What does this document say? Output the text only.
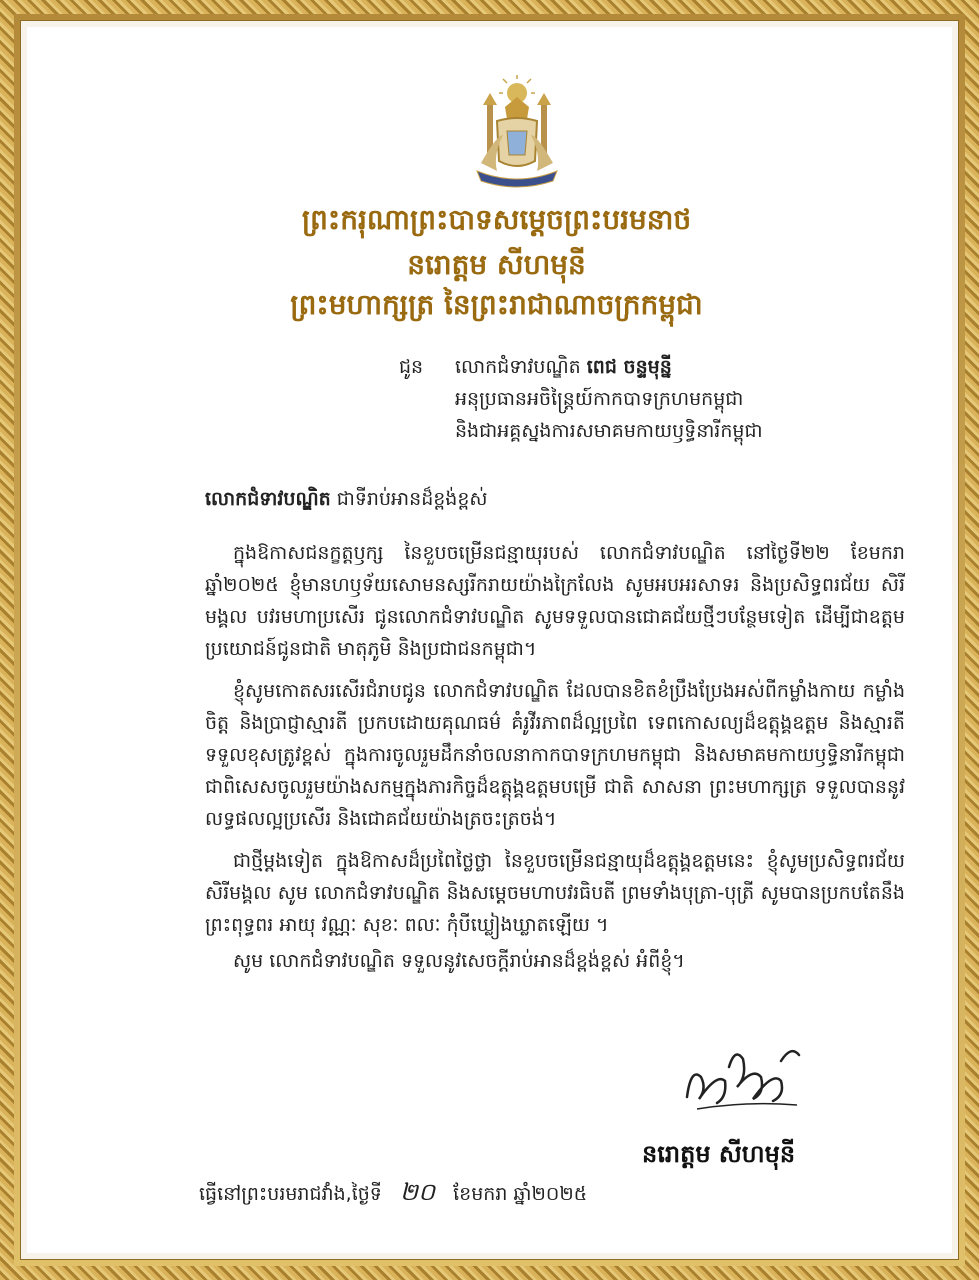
ព្រះករុណាព្រះបាទសម្តេចព្រះបរមនាថ
នរោត្តម សីហមុនី
ព្រះមហាក្សត្រ នៃព្រះរាជាណាចក្រកម្ពុជា
ជូន លោកជំទាវបណ្ឌិត ពេជ ចន្ទមុន្នី
អនុប្រធានអចិន្ត្រៃយ៍កាកបាទក្រហមកម្ពុជា
និងជាអគ្គស្នងការសមាគមកាយឫទ្ធិនារីកម្ពុជា
លោកជំទាវបណ្ឌិត ជាទីរាប់អានដ៏ខ្ពង់ខ្ពស់
ក្នុងឱកាសជនក្ខត្តឫក្ស នៃខួបចម្រើនជន្មាយុរបស់ លោកជំទាវបណ្ឌិត នៅថ្ងៃទី២២ ខែមករា ឆ្នាំ២០២៥ ខ្ញុំមានហឫទ័យសោមនស្សរីករាយយ៉ាងក្រៃលែង សូមអបអរសាទរ និងប្រសិទ្ធពរជ័យ សិរីមង្គល បវរមហាប្រសើរ ជូនលោកជំទាវបណ្ឌិត សូមទទួលបានជោគជ័យថ្មីៗបន្ថែមទៀត ដើម្បីជាឧត្តមប្រយោជន៍ជូនជាតិ មាតុភូមិ និងប្រជាជនកម្ពុជា។
ខ្ញុំសូមកោតសរសើរជំរាបជូន លោកជំទាវបណ្ឌិត ដែលបានខិតខំប្រឹងប្រែងអស់ពីកម្លាំងកាយ កម្លាំងចិត្ត និងប្រាជ្ញាស្មារតី ប្រកបដោយគុណធម៌ គំរូវីរភាពដ៏ល្អប្រពៃ ទេពកោសល្យដ៏ឧត្តុង្គឧត្តម និងស្មារតីទទួលខុសត្រូវខ្ពស់ ក្នុងការចូលរួមដឹកនាំចលនាកាកបាទក្រហមកម្ពុជា និងសមាគមកាយឫទ្ធិនារីកម្ពុជា ជាពិសេសចូលរួមយ៉ាងសកម្មក្នុងភារកិច្ចដ៏ឧត្តុង្គឧត្តមបម្រើ ជាតិ សាសនា ព្រះមហាក្សត្រ ទទួលបាននូវលទ្ធផលល្អប្រសើរ និងជោគជ័យយ៉ាងត្រចះត្រចង់។
ជាថ្មីម្តងទៀត ក្នុងឱកាសដ៏ប្រពៃថ្លៃថ្លា នៃខួបចម្រើនជន្មាយុដ៏ឧត្តុង្គឧត្តមនេះ ខ្ញុំសូមប្រសិទ្ធពរជ័យ សិរីមង្គល សូម លោកជំទាវបណ្ឌិត និងសម្តេចមហាបវរធិបតី ព្រមទាំងបុត្រា-បុត្រី សូមបានប្រកបតែនឹងព្រះពុទ្ធពរ អាយុ វណ្ណៈ សុខៈ ពលៈ កុំបីឃ្លៀងឃ្លាតឡើយ ។
សូម លោកជំទាវបណ្ឌិត ទទួលនូវសេចក្តីរាប់អានដ៏ខ្ពង់ខ្ពស់ អំពីខ្ញុំ។
នរោត្តម សីហមុនី
ធ្វើនៅព្រះបរមរាជវាំង,ថ្ងៃទី ២០ ខែមករា ឆ្នាំ២០២៥
